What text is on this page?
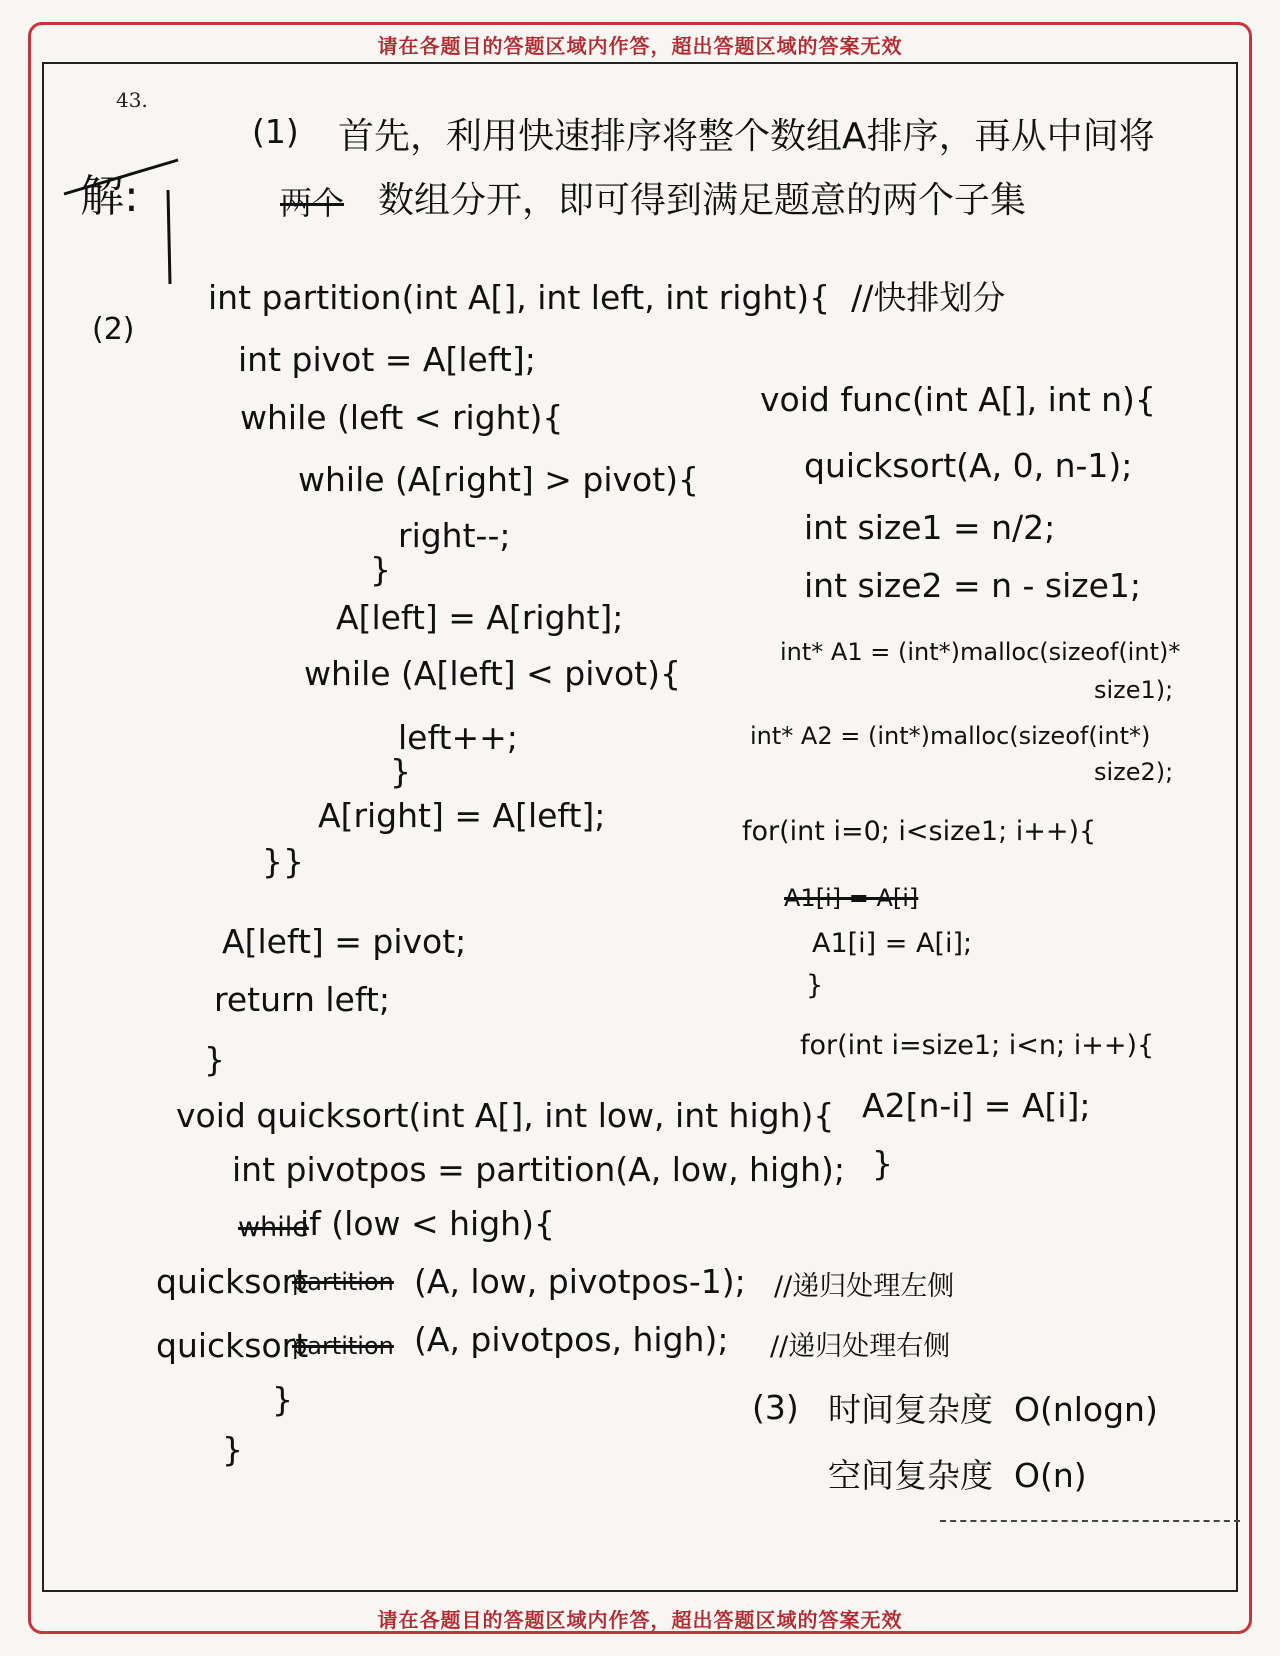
请在各题目的答题区域内作答，超出答题区域的答案无效
43.
解:
(1) 首先，利用快速排序将整个数组A排序，再从中间将
两个 数组分开，即可得到满足题意的两个子集
(2)
int partition(int A[], int left, int right){  //快排划分
int pivot = A[left];
while (left < right){
while (A[right] > pivot){
right--;
}
A[left] = A[right];
while (A[left] < pivot){
left++;
}
A[right] = A[left];
}}
A[left] = pivot;
return left;
}
void quicksort(int A[], int low, int high){
int pivotpos = partition(A, low, high);
while
if (low < high){
quicksort
partition (A, low, pivotpos-1); //递归处理左侧
quicksort
partition (A, pivotpos, high); //递归处理右侧
}
}
void func(int A[], int n){
quicksort(A, 0, n-1);
int size1 = n/2;
int size2 = n - size1;
int* A1 = (int*)malloc(sizeof(int)*
size1);
int* A2 = (int*)malloc(sizeof(int*)
size2);
for(int i=0; i<size1; i++){
A1[i] = A[i]
A1[i] = A[i];
}
for(int i=size1; i<n; i++){
A2[n-i] = A[i];
}
(3) 时间复杂度  O(nlogn)
空间复杂度  O(n)
请在各题目的答题区域内作答，超出答题区域的答案无效
